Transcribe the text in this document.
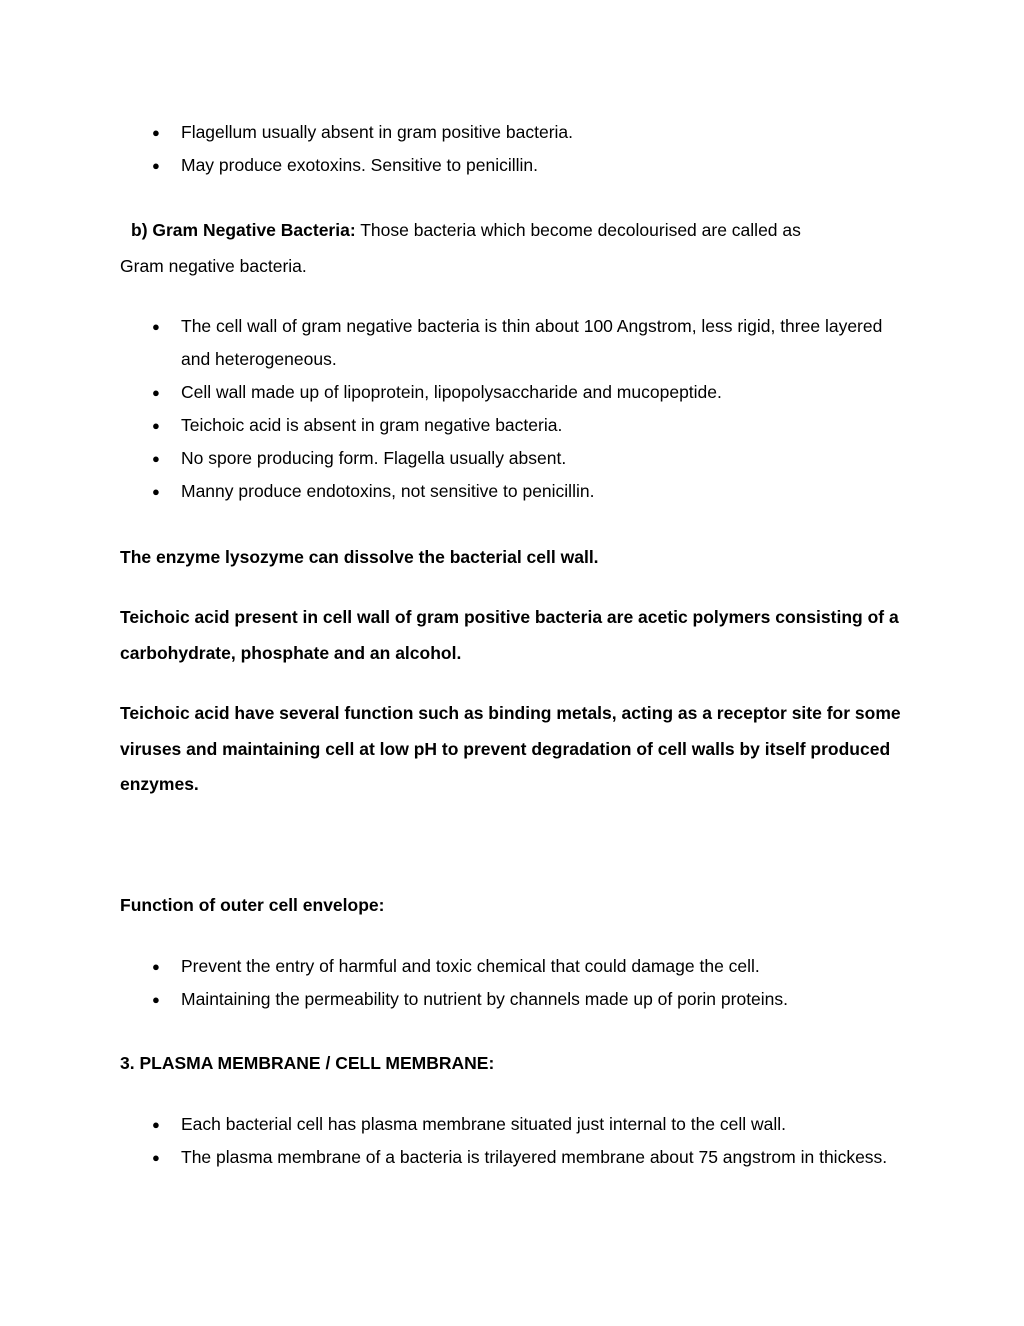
● Flagellum usually absent in gram positive bacteria.
● May produce exotoxins. Sensitive to penicillin.

b) Gram Negative Bacteria: Those bacteria which become decolourised are called as
Gram negative bacteria.

● The cell wall of gram negative bacteria is thin about 100 Angstrom, less rigid, three layered and heterogeneous.
● Cell wall made up of lipoprotein, lipopolysaccharide and mucopeptide.
● Teichoic acid is absent in gram negative bacteria.
● No spore producing form. Flagella usually absent.
● Manny produce endotoxins, not sensitive to penicillin.

The enzyme lysozyme can dissolve the bacterial cell wall.

Teichoic acid present in cell wall of gram positive bacteria are acetic polymers consisting of a carbohydrate, phosphate and an alcohol.

Teichoic acid have several function such as binding metals, acting as a receptor site for some viruses and maintaining cell at low pH to prevent degradation of cell walls by itself produced enzymes.

Function of outer cell envelope:

● Prevent the entry of harmful and toxic chemical that could damage the cell.
● Maintaining the permeability to nutrient by channels made up of porin proteins.

3. PLASMA MEMBRANE / CELL MEMBRANE:

● Each bacterial cell has plasma membrane situated just internal to the cell wall.
● The plasma membrane of a bacteria is trilayered membrane about 75 angstrom in thickess.
